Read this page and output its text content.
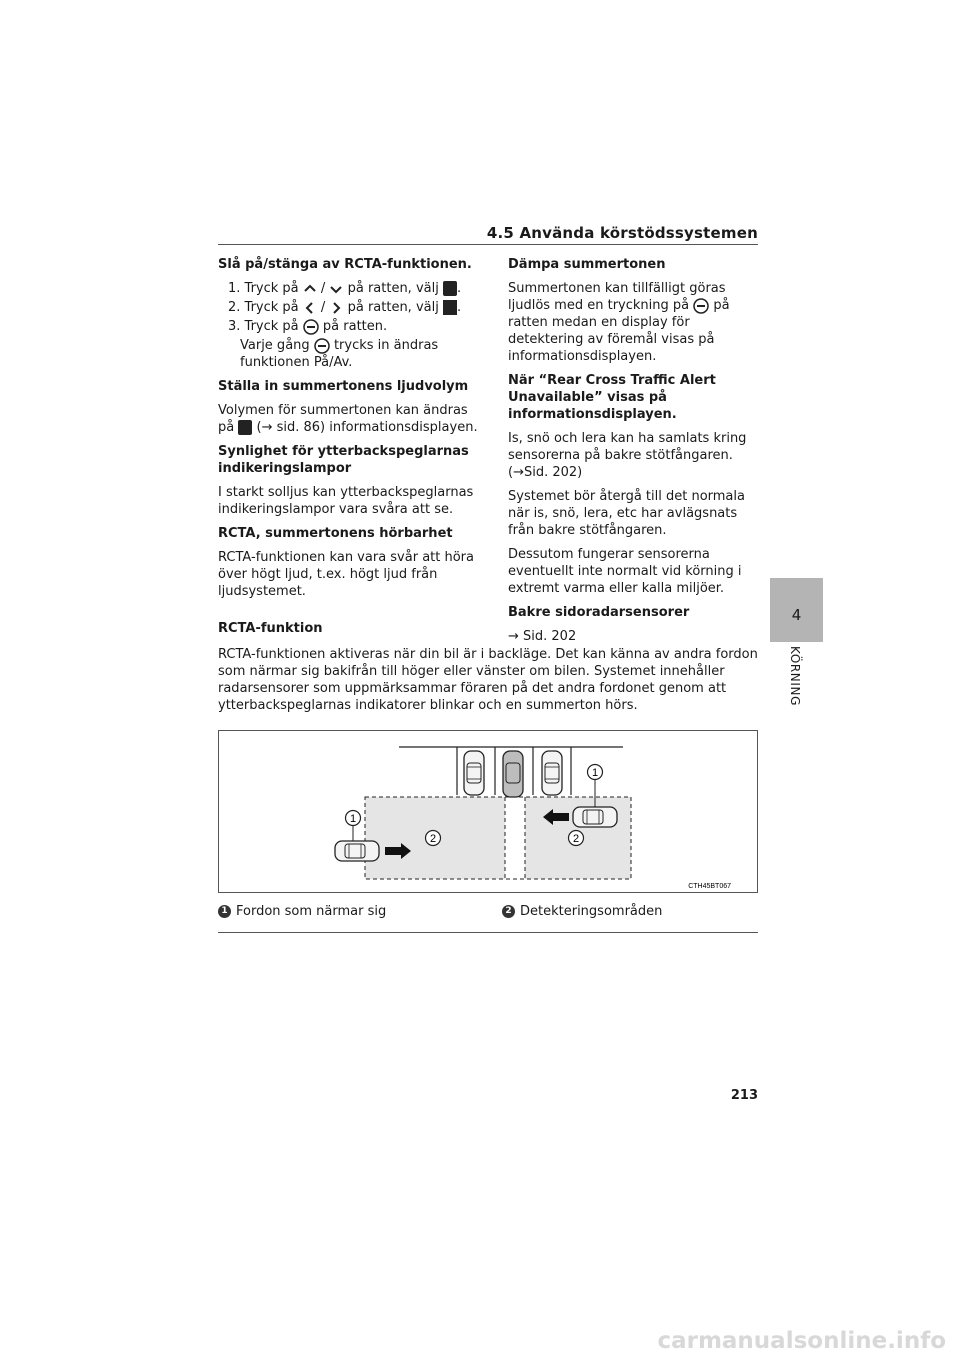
4.5 Använda körstödssystemen

Slå på/stänga av RCTA-funktionen.

1. Tryck på / på ratten, välj .

2. Tryck på / på ratten, välj .

3. Tryck på på ratten.

Varje gång trycks in ändras funktionen På/Av.

Ställa in summertonens ljudvolym

Volymen för summertonen kan ändras på (→ sid. 86) informationsdisplayen.

Synlighet för ytterbackspeglarnas indikeringslampor

I starkt solljus kan ytterbackspeglarnas indikeringslampor vara svåra att se.

RCTA, summertonens hörbarhet

RCTA-funktionen kan vara svår att höra över högt ljud, t.ex. högt ljud från ljudsystemet.

Dämpa summertonen

Summertonen kan tillfälligt göras ljudlös med en tryckning på på ratten medan en display för detektering av föremål visas på informationsdisplayen.

När “Rear Cross Traffic Alert Unavailable” visas på informationsdisplayen.

Is, snö och lera kan ha samlats kring sensorerna på bakre stötfångaren. (→Sid. 202)

Systemet bör återgå till det normala när is, snö, lera, etc har avlägsnats från bakre stötfångaren.

Dessutom fungerar sensorerna eventuellt inte normalt vid körning i extremt varma eller kalla miljöer.

Bakre sidoradarsensorer

→ Sid. 202

RCTA-funktion
RCTA-funktionen aktiveras när din bil är i backläge. Det kan känna av andra fordon som närmar sig bakifrån till höger eller vänster om bilen. Systemet innehåller radarsensorer som uppmärksammar föraren på det andra fordonet genom att ytterbackspeglarnas indikatorer blinkar och en summerton hörs.
1
1
2	2
CTH45BT067
1 Fordon som närmar sig	2 Detekteringsområden
4
KÖRNING
213
carmanualsonline.info
